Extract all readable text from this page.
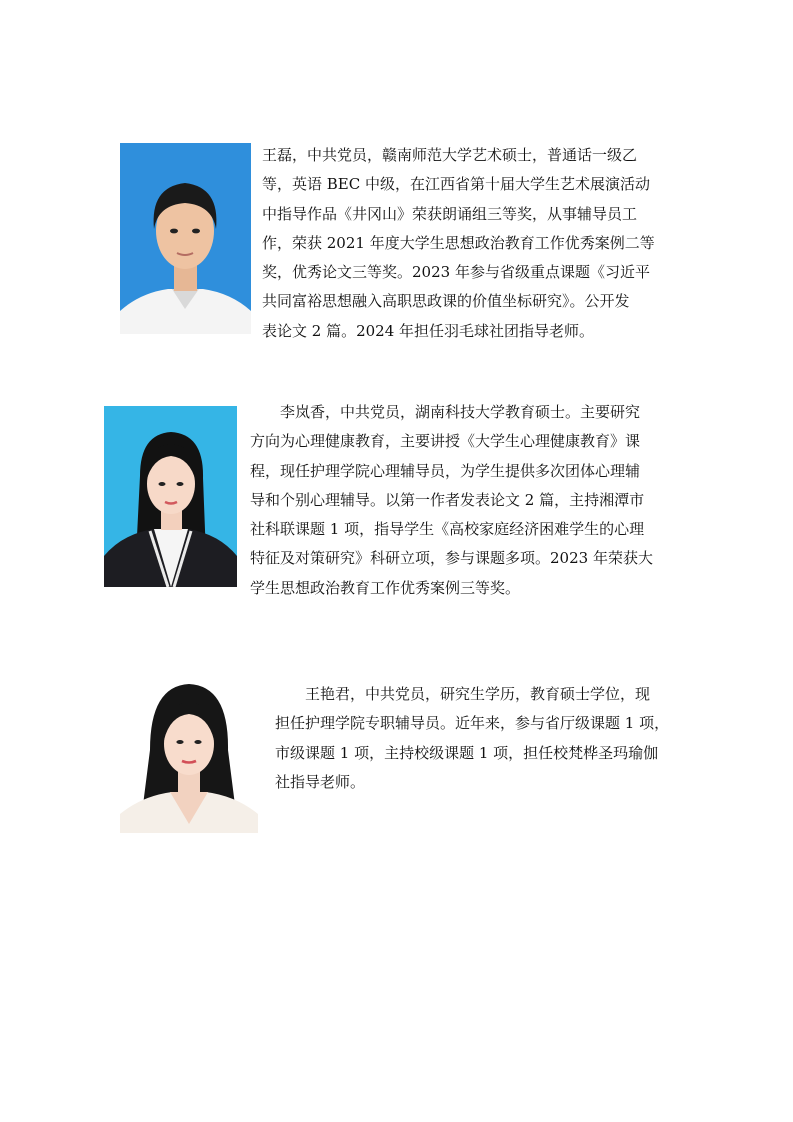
王磊，中共党员，赣南师范大学艺术硕士，普通话一级乙
等，英语 BEC 中级，在江西省第十届大学生艺术展演活动
中指导作品《井冈山》荣获朗诵组三等奖，从事辅导员工
作，荣获 2021 年度大学生思想政治教育工作优秀案例二等
奖，优秀论文三等奖。2023 年参与省级重点课题《习近平
共同富裕思想融入高职思政课的价值坐标研究》。公开发
表论文 2 篇。2024 年担任羽毛球社团指导老师。

　　李岚香，中共党员，湖南科技大学教育硕士。主要研究
方向为心理健康教育，主要讲授《大学生心理健康教育》课
程，现任护理学院心理辅导员，为学生提供多次团体心理辅
导和个别心理辅导。以第一作者发表论文 2 篇，主持湘潭市
社科联课题 1 项，指导学生《高校家庭经济困难学生的心理
特征及对策研究》科研立项，参与课题多项。2023 年荣获大
学生思想政治教育工作优秀案例三等奖。

　　王艳君，中共党员，研究生学历，教育硕士学位，现
担任护理学院专职辅导员。近年来，参与省厅级课题 1 项，
市级课题 1 项，主持校级课题 1 项，担任校梵桦圣玛瑜伽
社指导老师。
